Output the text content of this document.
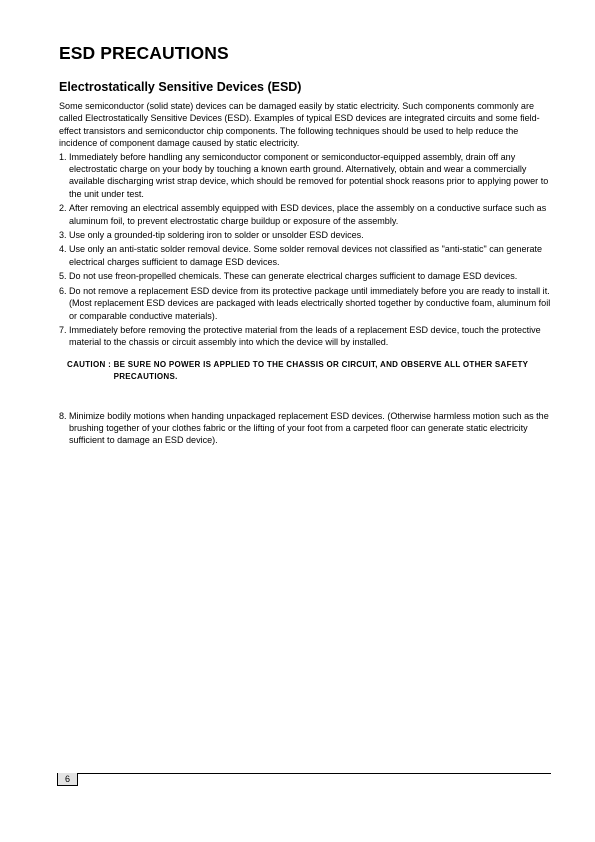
ESD PRECAUTIONS
Electrostatically Sensitive Devices (ESD)

Some semiconductor (solid state) devices can be damaged easily by static electricity. Such components commonly are called Electrostatically Sensitive Devices (ESD). Examples of typical ESD devices are integrated circuits and some field-effect transistors and semiconductor chip components. The following techniques should be used to help reduce the incidence of component damage caused by static electricity.

1. Immediately before handling any semiconductor component or semiconductor-equipped assembly, drain off any electrostatic charge on your body by touching a known earth ground. Alternatively, obtain and wear a commercially available discharging wrist strap device, which should be removed for potential shock reasons prior to applying power to the unit under test.
2. After removing an electrical assembly equipped with ESD devices, place the assembly on a conductive surface such as aluminum foil, to prevent electrostatic charge buildup or exposure of the assembly.
3. Use only a grounded-tip soldering iron to solder or unsolder ESD devices.
4. Use only an anti-static solder removal device. Some solder removal devices not classified as "anti-static" can generate electrical charges sufficient to damage ESD devices.
5. Do not use freon-propelled chemicals. These can generate electrical charges sufficient to damage ESD devices.
6. Do not remove a replacement ESD device from its protective package until immediately before you are ready to install it. (Most replacement ESD devices are packaged with leads electrically shorted together by conductive foam, aluminum foil or comparable conductive materials).
7. Immediately before removing the protective material from the leads of a replacement ESD device, touch the protective material to the chassis or circuit assembly into which the device will by installed.
CAUTION : BE SURE NO POWER IS APPLIED TO THE CHASSIS OR CIRCUIT, AND OBSERVE ALL OTHER SAFETY PRECAUTIONS.
8. Minimize bodily motions when handing unpackaged replacement ESD devices. (Otherwise harmless motion such as the brushing together of your clothes fabric or the lifting of your foot from a carpeted floor can generate static electricity sufficient to damage an ESD device).
6
